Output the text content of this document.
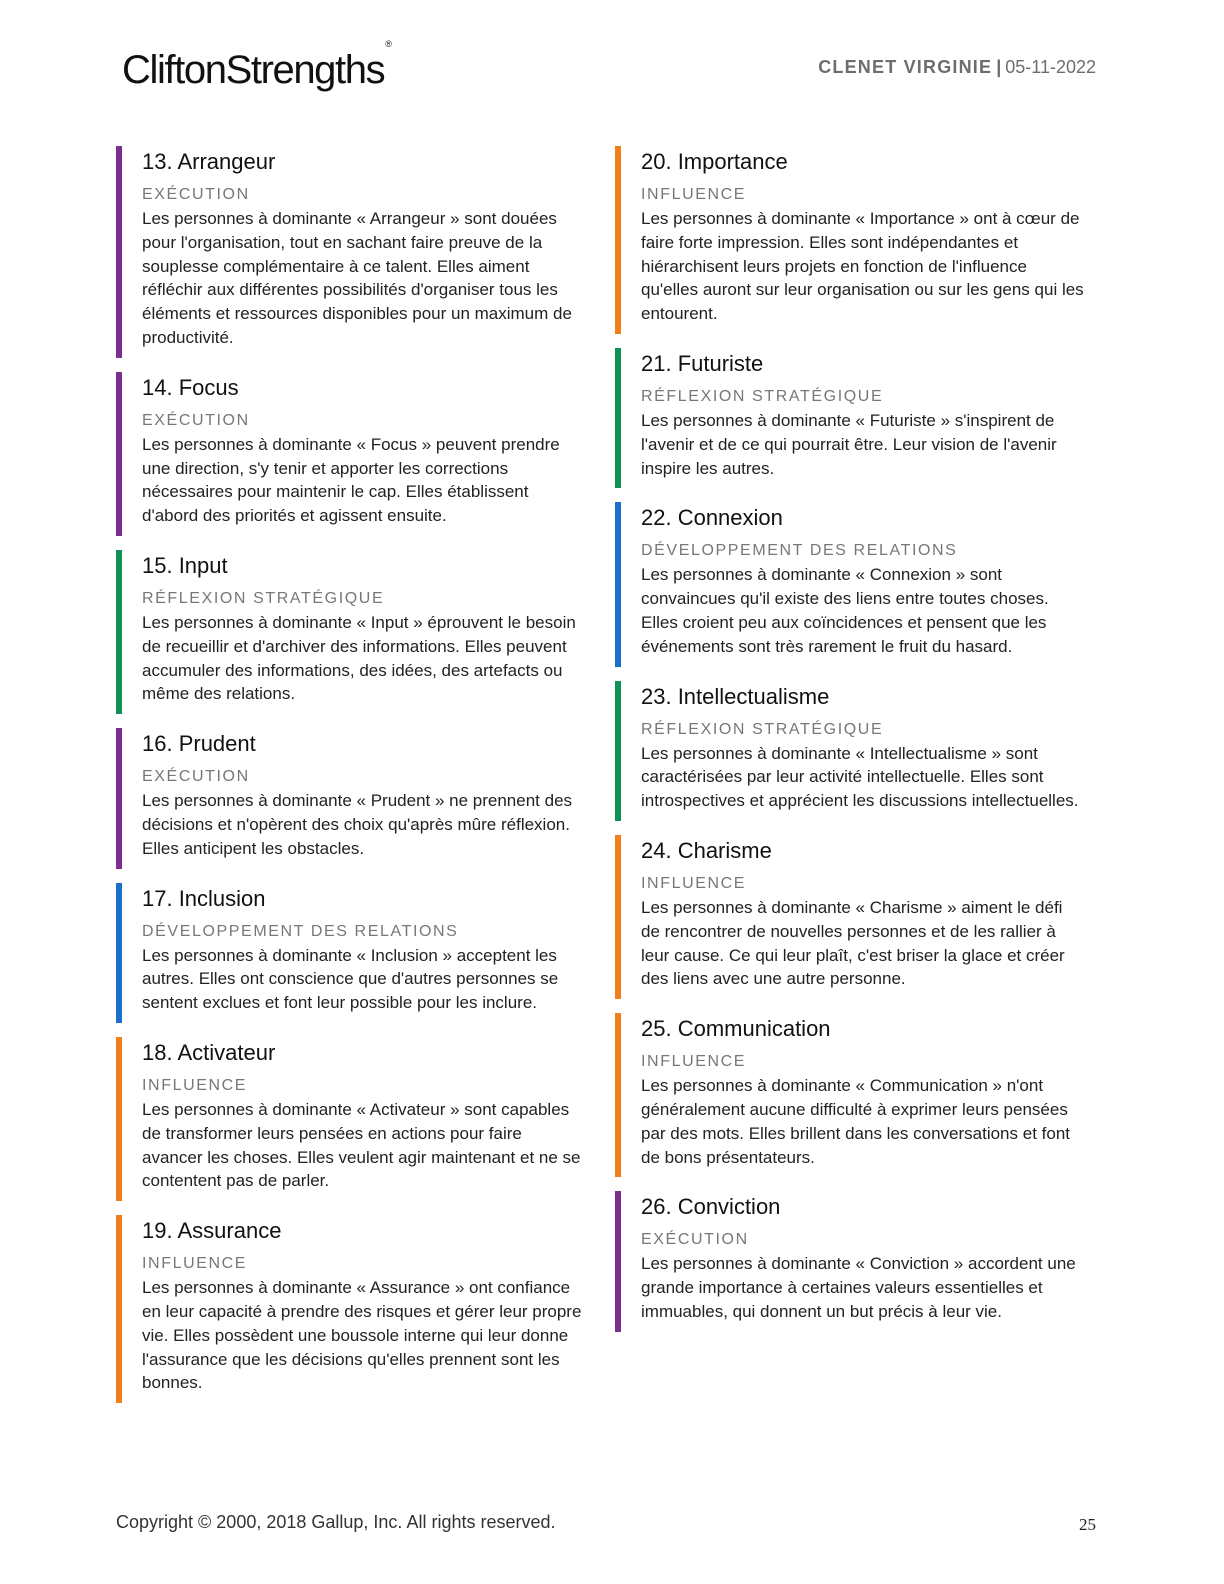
CliftonStrengths®
CLENET VIRGINIE | 05-11-2022
13. Arrangeur
EXÉCUTION
Les personnes à dominante « Arrangeur » sont douées pour l'organisation, tout en sachant faire preuve de la souplesse complémentaire à ce talent. Elles aiment réfléchir aux différentes possibilités d'organiser tous les éléments et ressources disponibles pour un maximum de productivité.
14. Focus
EXÉCUTION
Les personnes à dominante « Focus » peuvent prendre une direction, s'y tenir et apporter les corrections nécessaires pour maintenir le cap. Elles établissent d'abord des priorités et agissent ensuite.
15. Input
RÉFLEXION STRATÉGIQUE
Les personnes à dominante « Input » éprouvent le besoin de recueillir et d'archiver des informations. Elles peuvent accumuler des informations, des idées, des artefacts ou même des relations.
16. Prudent
EXÉCUTION
Les personnes à dominante « Prudent » ne prennent des décisions et n'opèrent des choix qu'après mûre réflexion. Elles anticipent les obstacles.
17. Inclusion
DÉVELOPPEMENT DES RELATIONS
Les personnes à dominante « Inclusion » acceptent les autres. Elles ont conscience que d'autres personnes se sentent exclues et font leur possible pour les inclure.
18. Activateur
INFLUENCE
Les personnes à dominante « Activateur » sont capables de transformer leurs pensées en actions pour faire avancer les choses. Elles veulent agir maintenant et ne se contentent pas de parler.
19. Assurance
INFLUENCE
Les personnes à dominante « Assurance » ont confiance en leur capacité à prendre des risques et gérer leur propre vie. Elles possèdent une boussole interne qui leur donne l'assurance que les décisions qu'elles prennent sont les bonnes.
20. Importance
INFLUENCE
Les personnes à dominante « Importance » ont à cœur de faire forte impression. Elles sont indépendantes et hiérarchisent leurs projets en fonction de l'influence qu'elles auront sur leur organisation ou sur les gens qui les entourent.
21. Futuriste
RÉFLEXION STRATÉGIQUE
Les personnes à dominante « Futuriste » s'inspirent de l'avenir et de ce qui pourrait être. Leur vision de l'avenir inspire les autres.
22. Connexion
DÉVELOPPEMENT DES RELATIONS
Les personnes à dominante « Connexion » sont convaincues qu'il existe des liens entre toutes choses. Elles croient peu aux coïncidences et pensent que les événements sont très rarement le fruit du hasard.
23. Intellectualisme
RÉFLEXION STRATÉGIQUE
Les personnes à dominante « Intellectualisme » sont caractérisées par leur activité intellectuelle. Elles sont introspectives et apprécient les discussions intellectuelles.
24. Charisme
INFLUENCE
Les personnes à dominante « Charisme » aiment le défi de rencontrer de nouvelles personnes et de les rallier à leur cause. Ce qui leur plaît, c'est briser la glace et créer des liens avec une autre personne.
25. Communication
INFLUENCE
Les personnes à dominante « Communication » n'ont généralement aucune difficulté à exprimer leurs pensées par des mots. Elles brillent dans les conversations et font de bons présentateurs.
26. Conviction
EXÉCUTION
Les personnes à dominante « Conviction » accordent une grande importance à certaines valeurs essentielles et immuables, qui donnent un but précis à leur vie.
Copyright © 2000, 2018 Gallup, Inc. All rights reserved.	25
